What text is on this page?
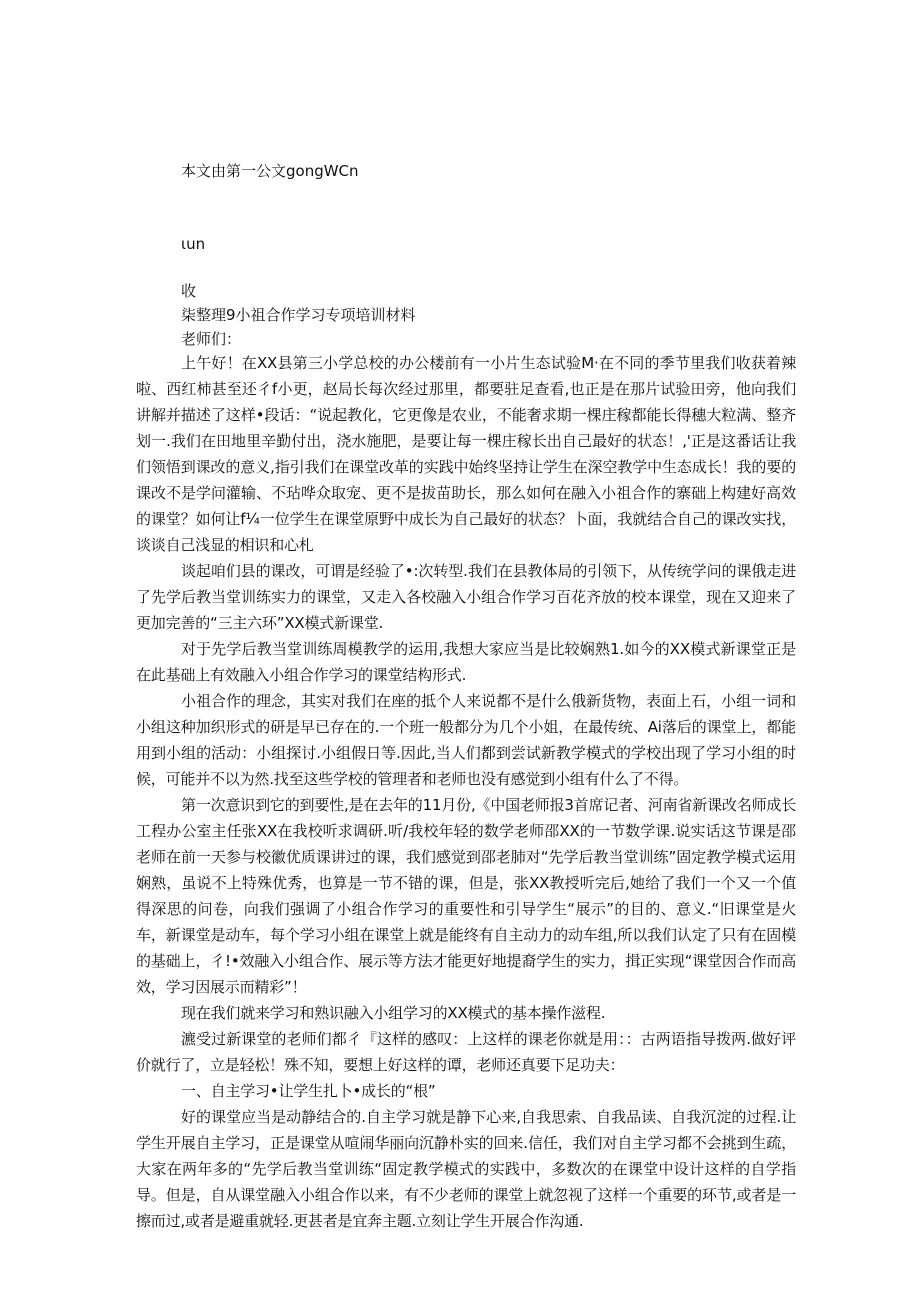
本文由第一公文gongWCn
ιun
收
柒整理9小祖合作学习专项培训材料
老师们：

上午好！在XX县第三小学总校的办公楼前有一小片生态试验M·在不同的季节里我们收获着辣啦、西红柿甚至还彳f小更，赵局长每次经过那里，都要驻足查看,也正是在那片试验田旁，他向我们讲解并描述了这样•段话：“说起教化，它更像是农业，不能奢求期一棵庄稼都能长得穗大粒满、整齐划一.我们在田地里辛勤付出，浇水施肥，是要让每一棵庄稼长出自己最好的状态！,'正是这番话让我们领悟到课改的意义,指引我们在课堂改革的实践中始终坚持让学生在深空教学中生态成长！我的要的课改不是学问灌输、不玷哗众取宠、更不是拔苗助长，那么如何在融入小祖合作的寨础上构建好高效的课堂？如何让f¼一位学生在课堂原野中成长为自己最好的状态？卜面，我就结合自己的课改实找，谈谈自己浅显的相识和心札

谈起咱们县的课改，可谓是经验了•:次转型.我们在县教体局的引领下，从传统学问的课俄走进了先学后教当堂训练实力的课堂，又走入各校融入小组合作学习百花齐放的校本课堂，现在又迎来了更加完善的“三主六环”XX模式新课堂.

对于先学后教当堂训练周模教学的运用,我想大家应当是比较娴熟1.如今的XX模式新课堂正是在此基础上有效融入小组合作学习的课堂结构形式.

小祖合作的理念，其实对我们在座的抵个人来说都不是什么俄新货物，表面上石，小组一词和小组这种加织形式的研是早已存在的.一个班一般都分为几个小姐，在最传统、Ai落后的课堂上，都能用到小组的活动：小组探讨.小组假日等.因此,当人们都到尝试新教学模式的学校出现了学习小组的时候，可能并不以为然.找至这些学校的管理者和老师也没有感觉到小组有什么了不得。

第一次意识到它的到要性,是在去年的11月份,《中国老师报3首席记者、河南省新课改名师成长工程办公室主任张XX在我校听求调研.听/我校年轻的数学老师邵XX的一节数学课.说实话这节课是邵老师在前一天参与校徽优质课讲过的课，我们感觉到邵老肺对“先学后教当堂训练”固定教学模式运用娴熟，虽说不上特殊优秀，也算是一节不错的课，但是，张XX教授听完后,她给了我们一个又一个值得深思的问卷，向我们强调了小组合作学习的重要性和引导学生“展示”的目的、意义.“旧课堂是火车，新课堂是动车，每个学习小组在课堂上就是能终有自主动力的动车组,所以我们认定了只有在固模的基础上，彳!•效融入小组合作、展示等方法才能更好地提裔学生的实力，揖正实现“课堂因合作而高效，学习因展示而精彩”！

现在我们就来学习和熟识融入小组学习的XX模式的基本操作滋程.

瀌受过新课堂的老师们都彳『这样的感叹：上这样的课老你就是用：：古两语指导拨两.做好评价就行了，立是轻松！殊不知，要想上好这样的谭，老师还真要下足功夫：

一、自主学习•让学生扎卜•成长的“根”

好的课堂应当是动静结合的.自主学习就是静下心来,自我思索、自我品读、自我沉淀的过程.让学生开展自主学习，正是课堂从喧闹华丽向沉静朴实的回来.信任，我们对自主学习都不会挑到生疏，大家在两年多的“先学后教当堂训练“固定教学模式的实践中，多数次的在课堂中设计这样的自学指导。但是，自从课堂融入小组合作以来，有不少老师的课堂上就忽视了这样一个重要的环节,或者是一擦而过,或者是避重就轻.更甚者是宜奔主题.立刻让学生开展合作沟通.
